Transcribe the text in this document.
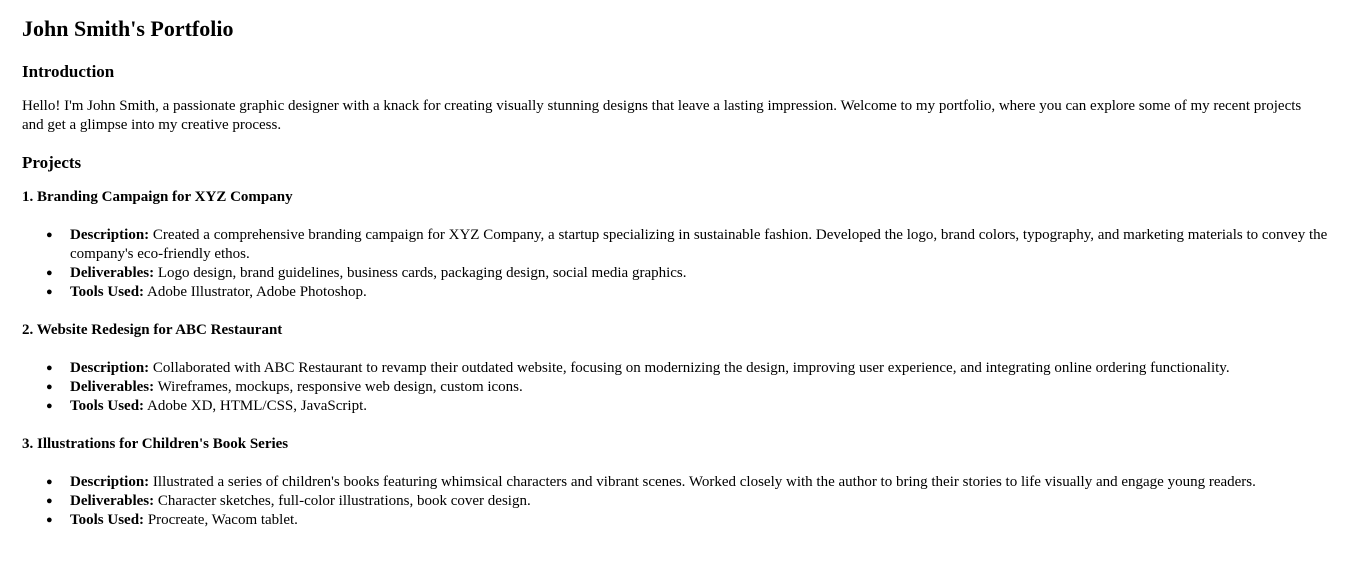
John Smith's Portfolio
Introduction

Hello! I'm John Smith, a passionate graphic designer with a knack for creating visually stunning designs that leave a lasting impression. Welcome to my portfolio, where you can explore some of my recent projects and get a glimpse into my creative process.

Projects
1. Branding Campaign for XYZ Company
● Description: Created a comprehensive branding campaign for XYZ Company, a startup specializing in sustainable fashion. Developed the logo, brand colors, typography, and marketing materials to convey the company's eco-friendly ethos.
● Deliverables: Logo design, brand guidelines, business cards, packaging design, social media graphics.
● Tools Used: Adobe Illustrator, Adobe Photoshop.
2. Website Redesign for ABC Restaurant
● Description: Collaborated with ABC Restaurant to revamp their outdated website, focusing on modernizing the design, improving user experience, and integrating online ordering functionality.
● Deliverables: Wireframes, mockups, responsive web design, custom icons.
● Tools Used: Adobe XD, HTML/CSS, JavaScript.
3. Illustrations for Children's Book Series
● Description: Illustrated a series of children's books featuring whimsical characters and vibrant scenes. Worked closely with the author to bring their stories to life visually and engage young readers.
● Deliverables: Character sketches, full-color illustrations, book cover design.
● Tools Used: Procreate, Wacom tablet.
